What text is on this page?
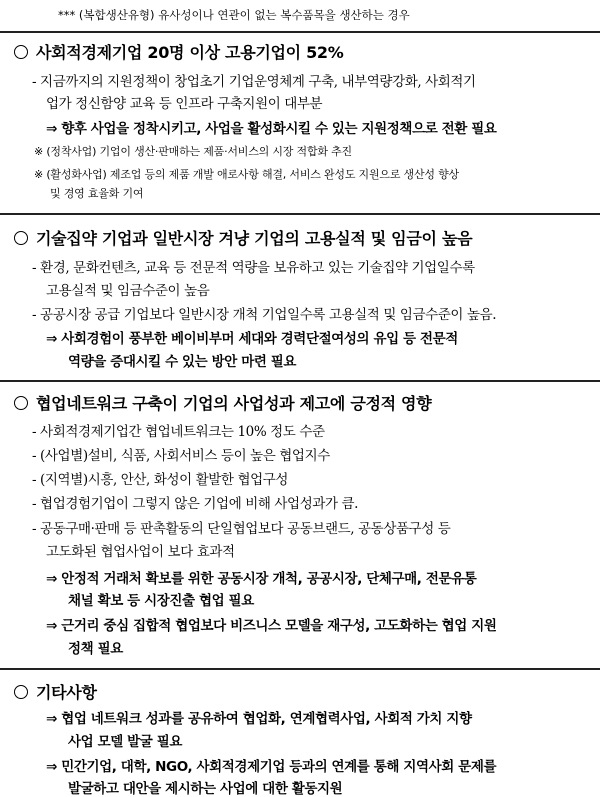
*** (복합생산유형) 유사성이나 연관이 없는 복수품목을 생산하는 경우
사회적경제기업 20명 이상 고용기업이 52%
- 지금까지의 지원정책이 창업초기 기업운영체계 구축, 내부역량강화, 사회적기
업가 정신함양 교육 등 인프라 구축지원이 대부분
⇒ 향후 사업을 정착시키고, 사업을 활성화시킬 수 있는 지원정책으로 전환 필요
※ (정착사업) 기업이 생산·판매하는 제품·서비스의 시장 적합화 추진
※ (활성화사업) 제조업 등의 제품 개발 애로사항 해결, 서비스 완성도 지원으로 생산성 향상
및 경영 효율화 기여
기술집약 기업과 일반시장 겨냥 기업의 고용실적 및 임금이 높음
- 환경, 문화컨텐츠, 교육 등 전문적 역량을 보유하고 있는 기술집약 기업일수록
고용실적 및 임금수준이 높음
- 공공시장 공급 기업보다 일반시장 개척 기업일수록 고용실적 및 임금수준이 높음.
⇒ 사회경험이 풍부한 베이비부머 세대와 경력단절여성의 유입 등 전문적
역량을 증대시킬 수 있는 방안 마련 필요
협업네트워크 구축이 기업의 사업성과 제고에 긍정적 영향
- 사회적경제기업간 협업네트워크는 10% 정도 수준
- (사업별)설비, 식품, 사회서비스 등이 높은 협업지수
- (지역별)시흥, 안산, 화성이 활발한 협업구성
- 협업경험기업이 그렇지 않은 기업에 비해 사업성과가 큼.
- 공동구매·판매 등 판촉활동의 단일협업보다 공동브랜드, 공동상품구성 등
고도화된 협업사업이 보다 효과적
⇒ 안정적 거래처 확보를 위한 공동시장 개척, 공공시장, 단체구매, 전문유통
채널 확보 등 시장진출 협업 필요
⇒ 근거리 중심 집합적 협업보다 비즈니스 모델을 재구성, 고도화하는 협업 지원
정책 필요
기타사항
⇒ 협업 네트워크 성과를 공유하여 협업화, 연계협력사업, 사회적 가치 지향
사업 모델 발굴 필요
⇒ 민간기업, 대학, NGO, 사회적경제기업 등과의 연계를 통해 지역사회 문제를
발굴하고 대안을 제시하는 사업에 대한 활동지원
